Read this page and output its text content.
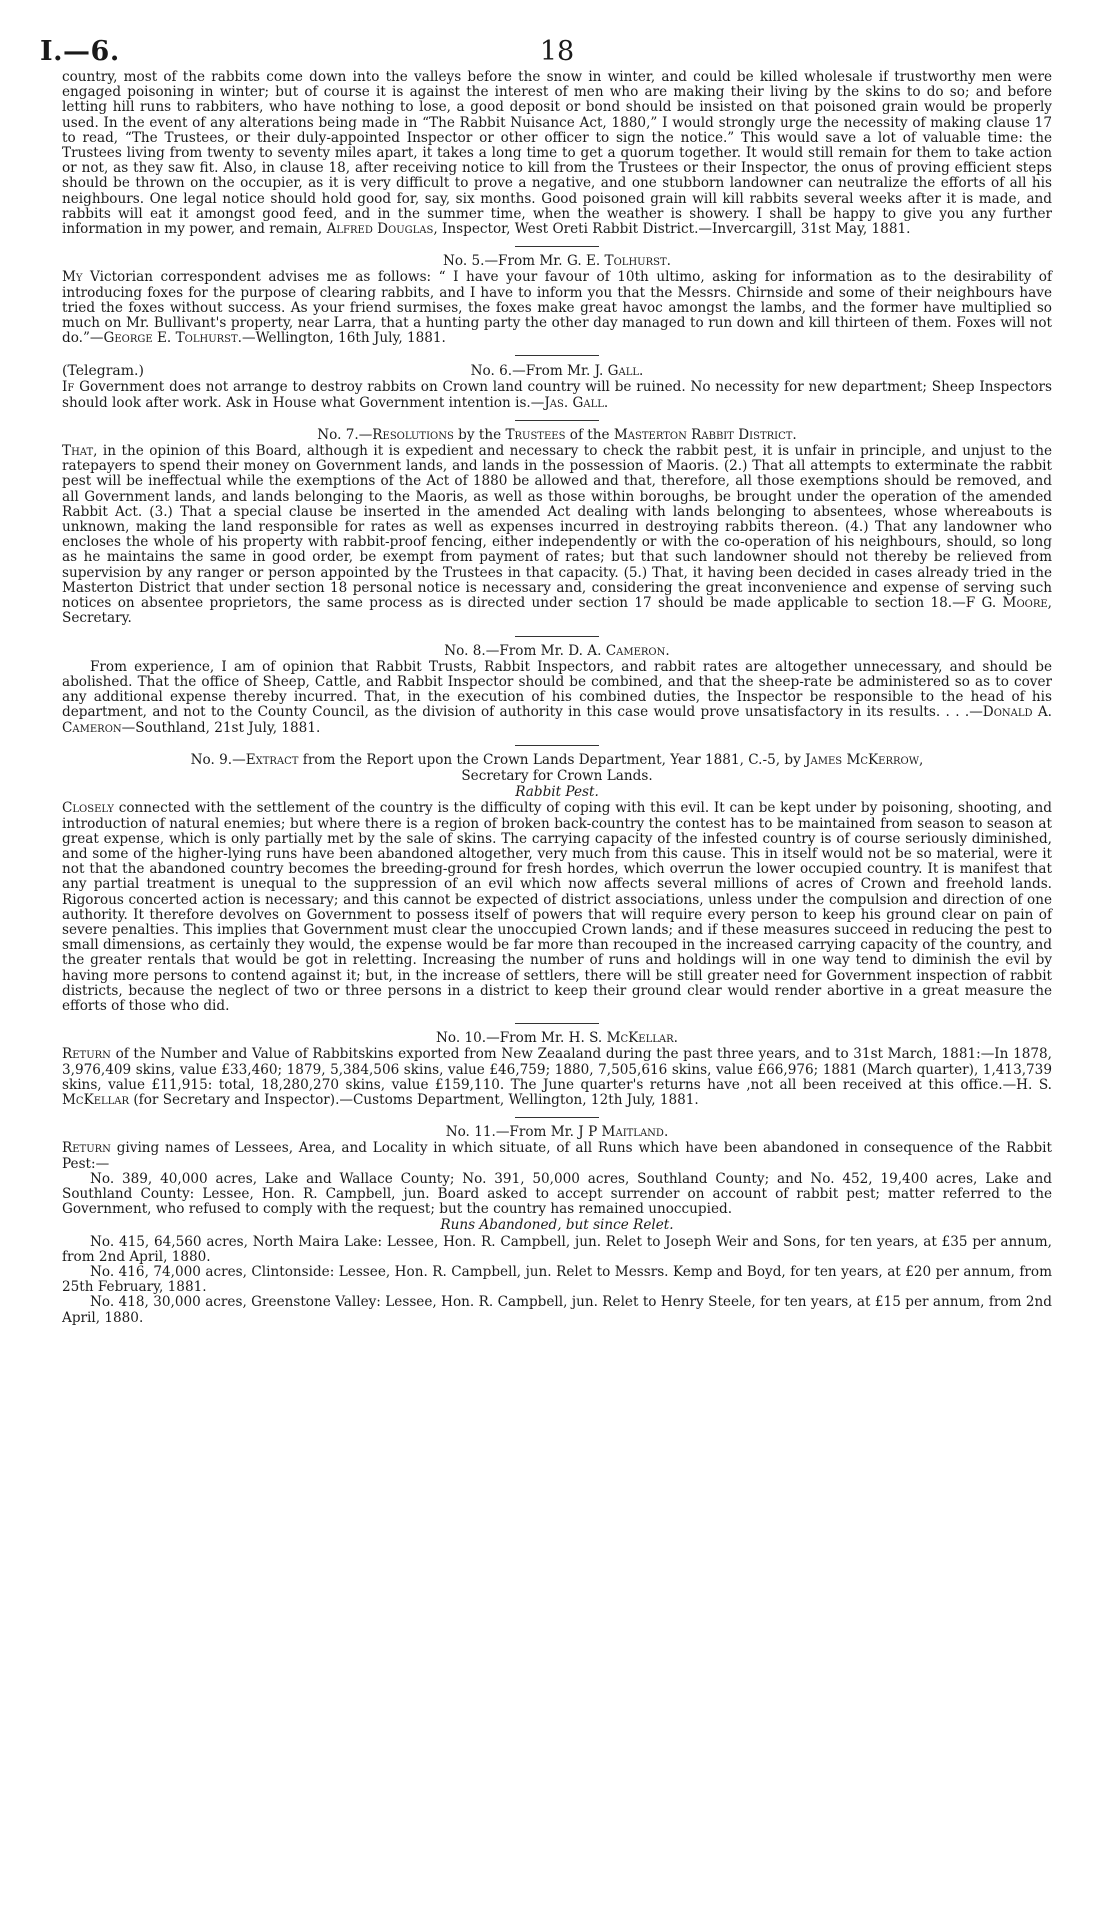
I.—6.	18

country, most of the rabbits come down into the valleys before the snow in winter, and could be killed wholesale if trustworthy men were engaged poisoning in winter; but of course it is against the interest of men who are making their living by the skins to do so; and before letting hill runs to rabbiters, who have nothing to lose, a good deposit or bond should be insisted on that poisoned grain would be properly used. In the event of any alterations being made in “The Rabbit Nuisance Act, 1880,” I would strongly urge the necessity of making clause 17 to read, “The Trustees, or their duly-appointed Inspector or other officer to sign the notice.” This would save a lot of valuable time: the Trustees living from twenty to seventy miles apart, it takes a long time to get a quorum together. It would still remain for them to take action or not, as they saw fit. Also, in clause 18, after receiving notice to kill from the Trustees or their Inspector, the onus of proving efficient steps should be thrown on the occupier, as it is very difficult to prove a negative, and one stubborn landowner can neutralize the efforts of all his neighbours. One legal notice should hold good for, say, six months. Good poisoned grain will kill rabbits several weeks after it is made, and rabbits will eat it amongst good feed, and in the summer time, when the weather is showery. I shall be happy to give you any further information in my power, and remain, Alfred Douglas, Inspector, West Oreti Rabbit District.—Invercargill, 31st May, 1881.

No. 5.—From Mr. G. E. Tolhurst.

My Victorian correspondent advises me as follows: “ I have your favour of 10th ultimo, asking for information as to the desirability of introducing foxes for the purpose of clearing rabbits, and I have to inform you that the Messrs. Chirnside and some of their neighbours have tried the foxes without success. As your friend surmises, the foxes make great havoc amongst the lambs, and the former have multiplied so much on Mr. Bullivant's property, near Larra, that a hunting party the other day managed to run down and kill thirteen of them. Foxes will not do.”—George E. Tolhurst.—Wellington, 16th July, 1881.

(Telegram.)	No. 6.—From Mr. J. Gall.

If Government does not arrange to destroy rabbits on Crown land country will be ruined. No necessity for new department; Sheep Inspectors should look after work. Ask in House what Government intention is.—Jas. Gall.

No. 7.—Resolutions by the Trustees of the Masterton Rabbit District.

That, in the opinion of this Board, although it is expedient and necessary to check the rabbit pest, it is unfair in principle, and unjust to the ratepayers to spend their money on Government lands, and lands in the possession of Maoris. (2.) That all attempts to exterminate the rabbit pest will be ineffectual while the exemptions of the Act of 1880 be allowed and that, therefore, all those exemptions should be removed, and all Government lands, and lands belonging to the Maoris, as well as those within boroughs, be brought under the operation of the amended Rabbit Act. (3.) That a special clause be inserted in the amended Act dealing with lands belonging to absentees, whose whereabouts is unknown, making the land responsible for rates as well as expenses incurred in destroying rabbits thereon. (4.) That any landowner who encloses the whole of his property with rabbit-proof fencing, either independently or with the co-operation of his neighbours, should, so long as he maintains the same in good order, be exempt from payment of rates; but that such landowner should not thereby be relieved from supervision by any ranger or person appointed by the Trustees in that capacity. (5.) That, it having been decided in cases already tried in the Masterton District that under section 18 personal notice is necessary and, considering the great inconvenience and expense of serving such notices on absentee proprietors, the same process as is directed under section 17 should be made applicable to section 18.—F G. Moore, Secretary.

No. 8.—From Mr. D. A. Cameron.

From experience, I am of opinion that Rabbit Trusts, Rabbit Inspectors, and rabbit rates are altogether unnecessary, and should be abolished. That the office of Sheep, Cattle, and Rabbit Inspector should be combined, and that the sheep-rate be administered so as to cover any additional expense thereby incurred. That, in the execution of his combined duties, the Inspector be responsible to the head of his department, and not to the County Council, as the division of authority in this case would prove unsatisfactory in its results. . . .—Donald A. Cameron—Southland, 21st July, 1881.

No. 9.—Extract from the Report upon the Crown Lands Department, Year 1881, C.-5, by James McKerrow,
Secretary for Crown Lands.
Rabbit Pest.

Closely connected with the settlement of the country is the difficulty of coping with this evil. It can be kept under by poisoning, shooting, and introduction of natural enemies; but where there is a region of broken back-country the contest has to be maintained from season to season at great expense, which is only partially met by the sale of skins. The carrying capacity of the infested country is of course seriously diminished, and some of the higher-lying runs have been abandoned altogether, very much from this cause. This in itself would not be so material, were it not that the abandoned country becomes the breeding-ground for fresh hordes, which overrun the lower occupied country. It is manifest that any partial treatment is unequal to the suppression of an evil which now affects several millions of acres of Crown and freehold lands. Rigorous concerted action is necessary; and this cannot be expected of district associations, unless under the compulsion and direction of one authority. It therefore devolves on Government to possess itself of powers that will require every person to keep his ground clear on pain of severe penalties. This implies that Government must clear the unoccupied Crown lands; and if these measures succeed in reducing the pest to small dimensions, as certainly they would, the expense would be far more than recouped in the increased carrying capacity of the country, and the greater rentals that would be got in reletting. Increasing the number of runs and holdings will in one way tend to diminish the evil by having more persons to contend against it; but, in the increase of settlers, there will be still greater need for Government inspection of rabbit districts, because the neglect of two or three persons in a district to keep their ground clear would render abortive in a great measure the efforts of those who did.

No. 10.—From Mr. H. S. McKellar.

Return of the Number and Value of Rabbitskins exported from New Zeaaland during the past three years, and to 31st March, 1881:—In 1878, 3,976,409 skins, value £33,460; 1879, 5,384,506 skins, value £46,759; 1880, 7,505,616 skins, value £66,976; 1881 (March quarter), 1,413,739 skins, value £11,915: total, 18,280,270 skins, value £159,110. The June quarter's returns have ,not all been received at this office.—H. S. McKellar (for Secretary and Inspector).—Customs Department, Wellington, 12th July, 1881.

No. 11.—From Mr. J P Maitland.

Return giving names of Lessees, Area, and Locality in which situate, of all Runs which have been abandoned in consequence of the Rabbit Pest:—

No. 389, 40,000 acres, Lake and Wallace County; No. 391, 50,000 acres, Southland County; and No. 452, 19,400 acres, Lake and Southland County: Lessee, Hon. R. Campbell, jun. Board asked to accept surrender on account of rabbit pest; matter referred to the Government, who refused to comply with the request; but the country has remained unoccupied.

Runs Abandoned, but since Relet.

No. 415, 64,560 acres, North Maira Lake: Lessee, Hon. R. Campbell, jun. Relet to Joseph Weir and Sons, for ten years, at £35 per annum, from 2nd April, 1880.

No. 416, 74,000 acres, Clintonside: Lessee, Hon. R. Campbell, jun. Relet to Messrs. Kemp and Boyd, for ten years, at £20 per annum, from 25th February, 1881.

No. 418, 30,000 acres, Greenstone Valley: Lessee, Hon. R. Campbell, jun. Relet to Henry Steele, for ten years, at £15 per annum, from 2nd April, 1880.
